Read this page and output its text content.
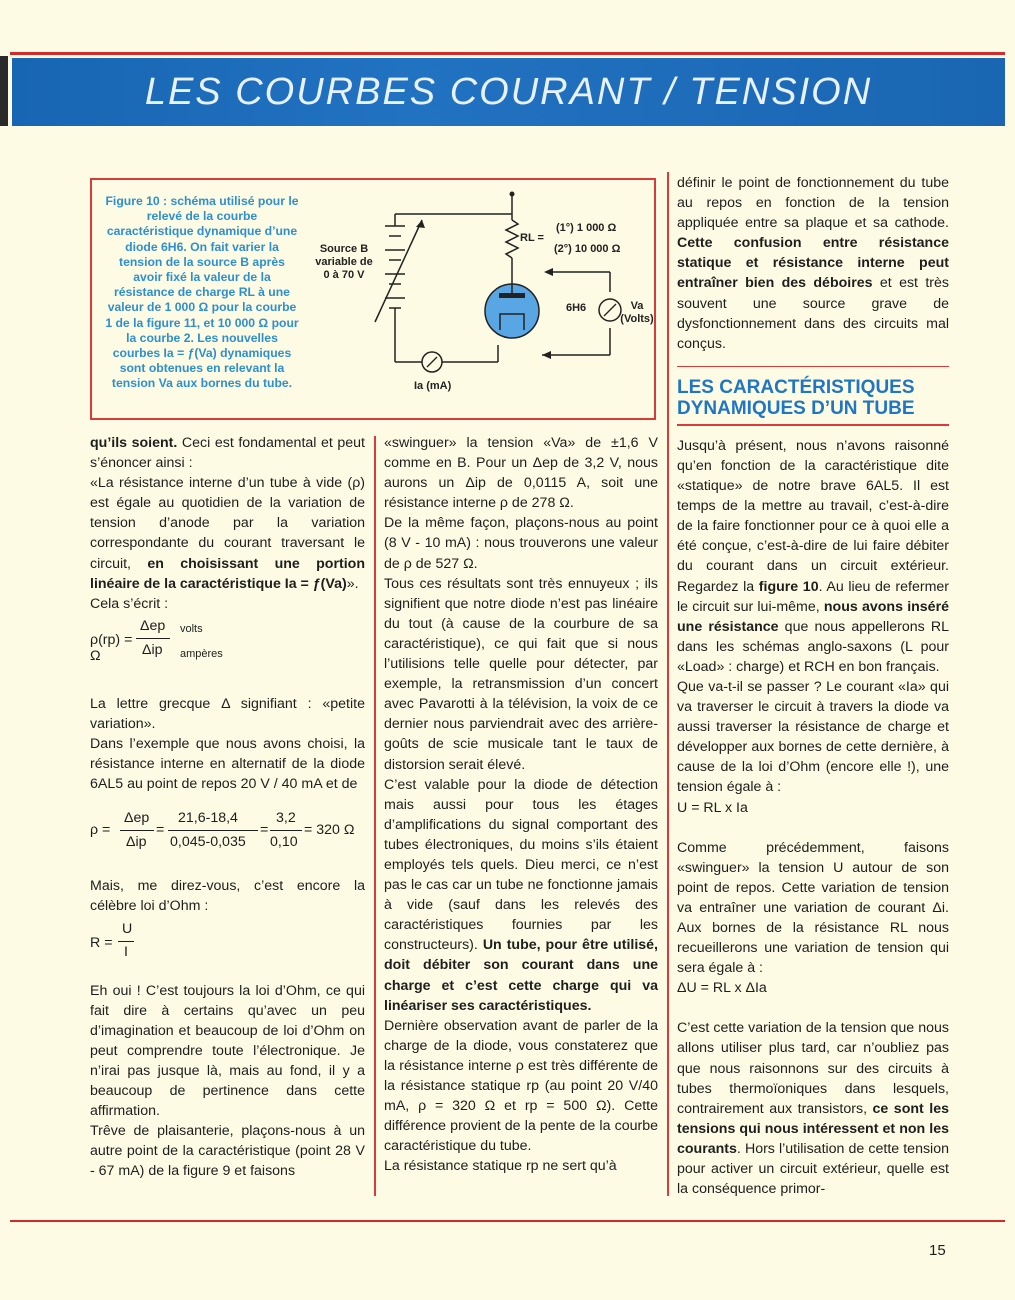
LES COURBES COURANT / TENSION
Figure 10 : schéma utilisé pour le relevé de la courbe caractéristique dynamique d’une diode 6H6. On fait varier la tension de la source B après avoir fixé la valeur de la résistance de charge RL à une valeur de 1 000 Ω pour la courbe 1 de la figure 11, et 10 000 Ω pour la courbe 2. Les nouvelles courbes Ia = ƒ(Va) dynamiques sont obtenues en relevant la tension Va aux bornes du tube.
Source B
variable de
0 à 70 V
RL =
(1°) 1 000 Ω
(2°) 10 000 Ω
6H6	Va
(Volts)
Ia (mA)

qu’ils soient. Ceci est fondamental et peut s’énoncer ainsi :

«La résistance interne d’un tube à vide (ρ) est égale au quotidien de la variation de tension d’anode par la variation correspondante du courant traversant le circuit, en choisissant une portion linéaire de la caractéristique Ia = ƒ(Va)».

Cela s’écrit :

ρ(rp) =
Ω
Δep
Δip
volts
ampères

La lettre grecque Δ signifiant : «petite variation».

Dans l’exemple que nous avons choisi, la résistance interne en alternatif de la diode 6AL5 au point de repos 20 V / 40 mA et de

ρ =
Δep
Δip
=
21,6-18,4
0,045-0,035
=
3,2
0,10
= 320 Ω

Mais, me direz-vous, c’est encore la célèbre loi d’Ohm :

R =
U
I

Eh oui ! C’est toujours la loi d’Ohm, ce qui fait dire à certains qu’avec un peu d’imagination et beaucoup de loi d’Ohm on peut comprendre toute l’électronique. Je n’irai pas jusque là, mais au fond, il y a beaucoup de pertinence dans cette affirmation.

Trêve de plaisanterie, plaçons-nous à un autre point de la caractéristique (point 28 V - 67 mA) de la figure 9 et faisons

«swinguer» la tension «Va» de ±1,6 V comme en B. Pour un Δep de 3,2 V, nous aurons un Δip de 0,0115 A, soit une résistance interne ρ de 278 Ω.

De la même façon, plaçons-nous au point (8 V - 10 mA) : nous trouverons une valeur de ρ de 527 Ω.

Tous ces résultats sont très ennuyeux ; ils signifient que notre diode n’est pas linéaire du tout (à cause de la courbure de sa caractéristique), ce qui fait que si nous l’utilisions telle quelle pour détecter, par exemple, la retransmission d’un concert avec Pavarotti à la télévision, la voix de ce dernier nous parviendrait avec des arrière-goûts de scie musicale tant le taux de distorsion serait élevé.

C’est valable pour la diode de détection mais aussi pour tous les étages d’amplifications du signal comportant des tubes électroniques, du moins s’ils étaient employés tels quels. Dieu merci, ce n’est pas le cas car un tube ne fonctionne jamais à vide (sauf dans les relevés des caractéristiques fournies par les constructeurs). Un tube, pour être utilisé, doit débiter son courant dans une charge et c’est cette charge qui va linéariser ses caractéristiques.

Dernière observation avant de parler de la charge de la diode, vous constaterez que la résistance interne ρ est très différente de la résistance statique rp (au point 20 V/40 mA, ρ = 320 Ω et rp = 500 Ω). Cette différence provient de la pente de la courbe caractéristique du tube.

La résistance statique rp ne sert qu’à

définir le point de fonctionnement du tube au repos en fonction de la tension appliquée entre sa plaque et sa cathode. Cette confusion entre résistance statique et résistance interne peut entraîner bien des déboires et est très souvent une source grave de dysfonctionnement dans des circuits mal conçus.

LES CARACTÉRISTIQUES DYNAMIQUES D’UN TUBE

Jusqu’à présent, nous n’avons raisonné qu’en fonction de la caractéristique dite «statique» de notre brave 6AL5. Il est temps de la mettre au travail, c’est-à-dire de la faire fonctionner pour ce à quoi elle a été conçue, c’est-à-dire de lui faire débiter du courant dans un circuit extérieur. Regardez la figure 10. Au lieu de refermer le circuit sur lui-même, nous avons inséré une résistance que nous appellerons RL dans les schémas anglo-saxons (L pour «Load» : charge) et RCH en bon français.

Que va-t-il se passer ? Le courant «Ia» qui va traverser le circuit à travers la diode va aussi traverser la résistance de charge et développer aux bornes de cette dernière, à cause de la loi d’Ohm (encore elle !), une tension égale à :

U = RL x Ia

Comme précédemment, faisons «swinguer» la tension U autour de son point de repos. Cette variation de tension va entraîner une variation de courant Δi. Aux bornes de la résistance RL nous recueillerons une variation de tension qui sera égale à :

ΔU = RL x ΔIa

C’est cette variation de la tension que nous allons utiliser plus tard, car n’oubliez pas que nous raisonnons sur des circuits à tubes thermoïoniques dans lesquels, contrairement aux transistors, ce sont les tensions qui nous intéressent et non les courants. Hors l’utilisation de cette tension pour activer un circuit extérieur, quelle est la conséquence primor-

15
